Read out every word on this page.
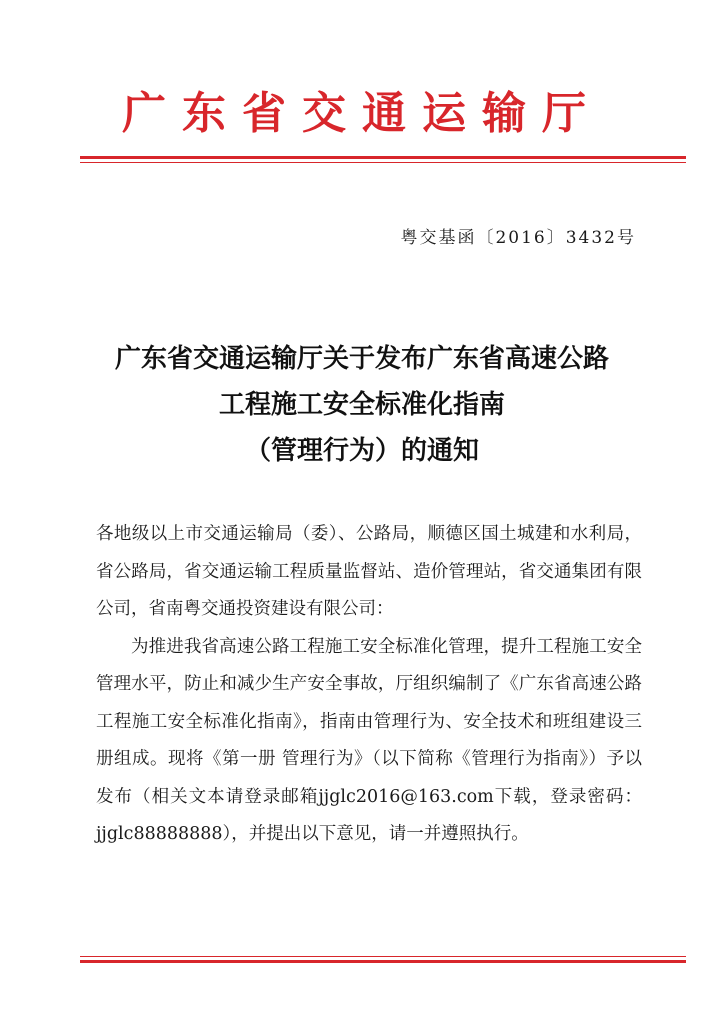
广东省交通运输厅
粤交基函〔2016〕3432号
广东省交通运输厅关于发布广东省高速公路
工程施工安全标准化指南
（管理行为）的通知

各地级以上市交通运输局（委）、公路局，顺德区国土城建和水利局，省公路局，省交通运输工程质量监督站、造价管理站，省交通集团有限公司，省南粤交通投资建设有限公司：

为推进我省高速公路工程施工安全标准化管理，提升工程施工安全管理水平，防止和减少生产安全事故，厅组织编制了《广东省高速公路工程施工安全标准化指南》，指南由管理行为、安全技术和班组建设三册组成。现将《第一册 管理行为》（以下简称《管理行为指南》）予以发布（相关文本请登录邮箱jjglc2016@163.com下载，登录密码：jjglc88888888），并提出以下意见，请一并遵照执行。
